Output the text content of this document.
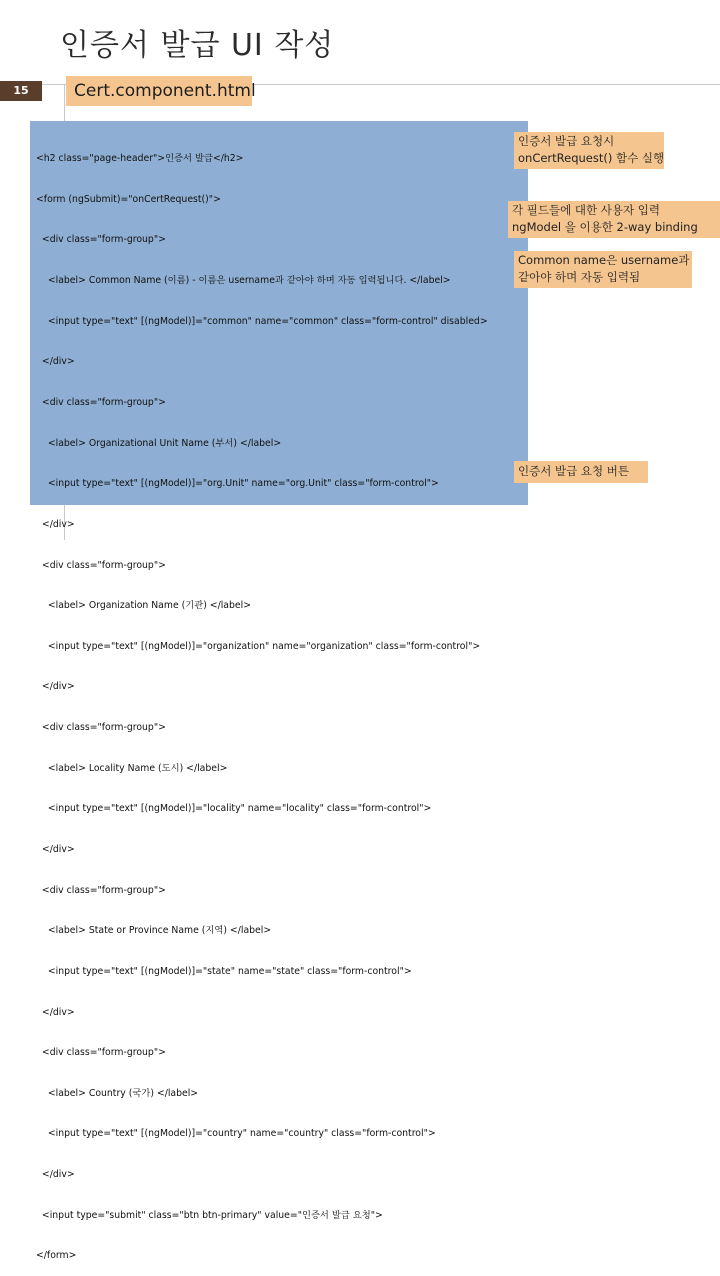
인증서 발급 UI 작성
15	Cert.component.html

<h2 class="page-header">인증서 발급</h2>

<form (ngSubmit)="onCertRequest()">

<div class="form-group">

<label> Common Name (이름) - 이름은 username과 같아야 하며 자동 입력됩니다. </label>

<input type="text" [(ngModel)]="common" name="common" class="form-control" disabled>

</div>

<div class="form-group">

<label> Organizational Unit Name (부서) </label>

<input type="text" [(ngModel)]="org.Unit" name="org.Unit" class="form-control">

</div>

<div class="form-group">

<label> Organization Name (기관) </label>

<input type="text" [(ngModel)]="organization" name="organization" class="form-control">

</div>

<div class="form-group">

<label> Locality Name (도시) </label>

<input type="text" [(ngModel)]="locality" name="locality" class="form-control">

</div>

<div class="form-group">

<label> State or Province Name (지역) </label>

<input type="text" [(ngModel)]="state" name="state" class="form-control">

</div>

<div class="form-group">

<label> Country (국가) </label>

<input type="text" [(ngModel)]="country" name="country" class="form-control">

</div>

<input type="submit" class="btn btn-primary" value="인증서 발급 요청">

</form>

인증서 발급 요청시
onCertRequest() 함수 실행
각 필드들에 대한 사용자 입력
ngModel 을 이용한 2-way binding
Common name은 username과
같아야 하며 자동 입력됨
인증서 발급 요청 버튼
